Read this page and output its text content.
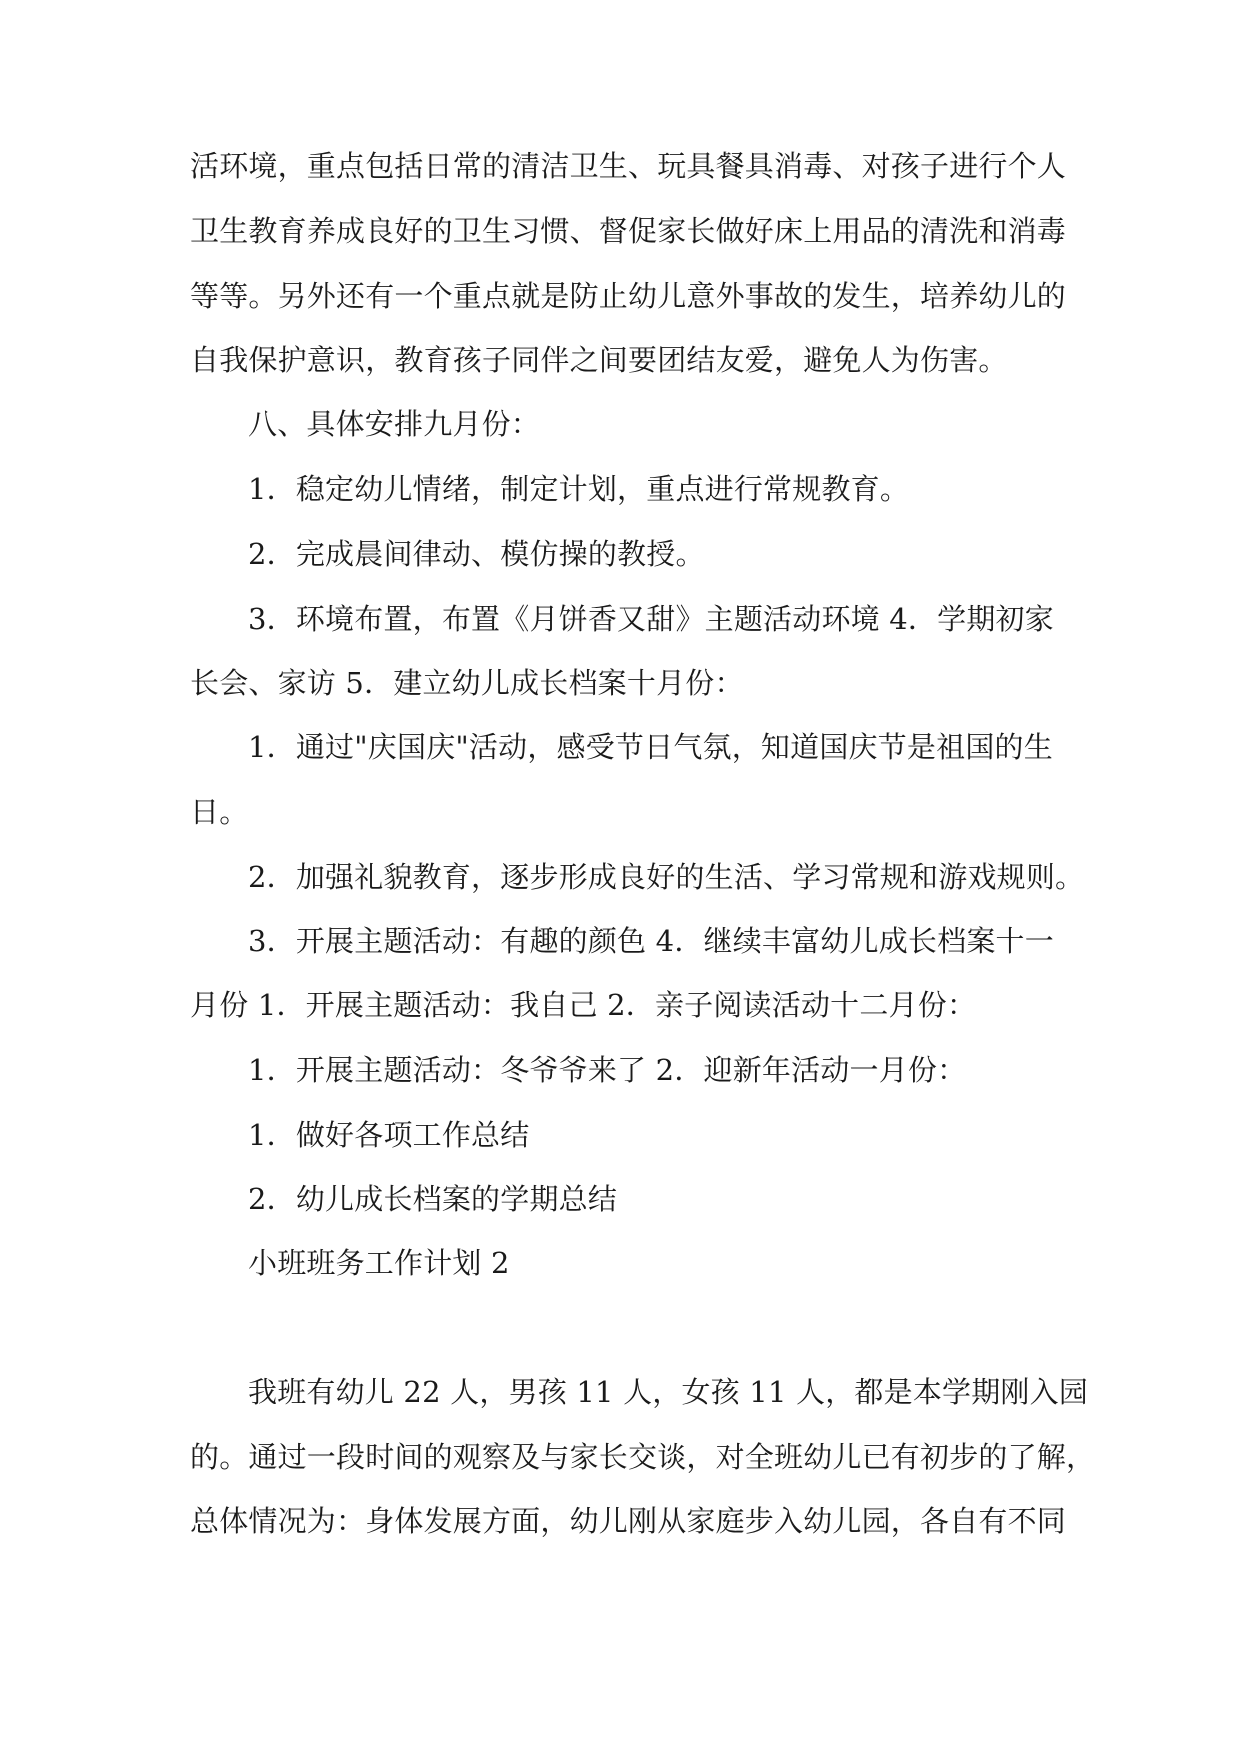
活环境，重点包括日常的清洁卫生、玩具餐具消毒、对孩子进行个人
卫生教育养成良好的卫生习惯、督促家长做好床上用品的清洗和消毒
等等。另外还有一个重点就是防止幼儿意外事故的发生，培养幼儿的
自我保护意识，教育孩子同伴之间要团结友爱，避免人为伤害。
八、具体安排九月份：
1．稳定幼儿情绪，制定计划，重点进行常规教育。
2．完成晨间律动、模仿操的教授。
3．环境布置，布置《月饼香又甜》主题活动环境 4．学期初家
长会、家访 5．建立幼儿成长档案十月份：
1．通过"庆国庆"活动，感受节日气氛，知道国庆节是祖国的生
日。
2．加强礼貌教育，逐步形成良好的生活、学习常规和游戏规则。
3．开展主题活动：有趣的颜色 4．继续丰富幼儿成长档案十一
月份 1．开展主题活动：我自己 2．亲子阅读活动十二月份：
1．开展主题活动：冬爷爷来了 2．迎新年活动一月份：
1．做好各项工作总结
2．幼儿成长档案的学期总结
小班班务工作计划 2
我班有幼儿 22 人，男孩 11 人，女孩 11 人，都是本学期刚入园
的。通过一段时间的观察及与家长交谈，对全班幼儿已有初步的了解，
总体情况为：身体发展方面，幼儿刚从家庭步入幼儿园，各自有不同
